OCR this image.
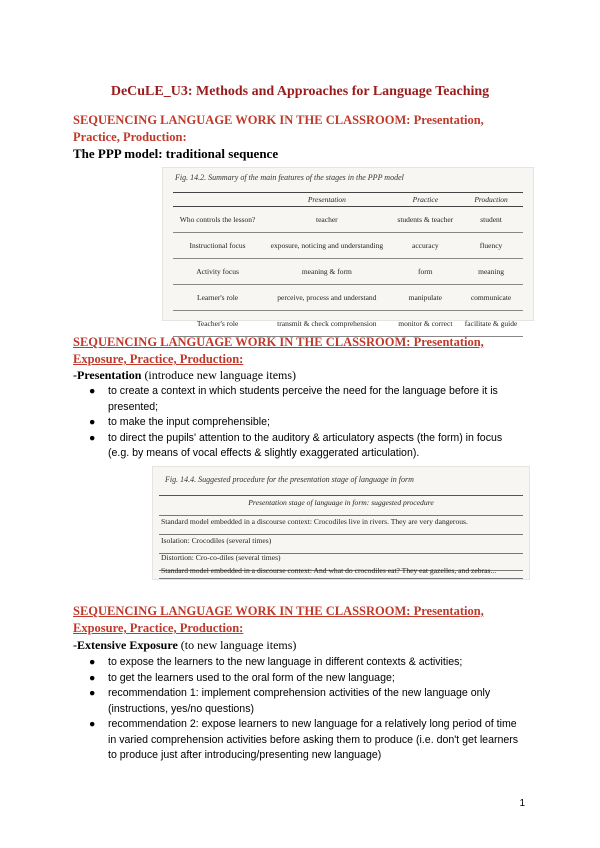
DeCuLE_U3: Methods and Approaches for Language Teaching
SEQUENCING LANGUAGE WORK IN THE CLASSROOM: Presentation, Practice, Production:
The PPP model: traditional sequence
Fig. 14.2. Summary of the main features of the stages in the PPP model
	Presentation	Practice	Production
Who controls the lesson?	teacher	students & teacher	student
Instructional focus	exposure, noticing and understanding	accuracy	fluency
Activity focus	meaning & form	form	meaning
Learner's role	perceive, process and understand	manipulate	communicate
Teacher's role	transmit & check comprehension	monitor & correct	facilitate & guide
SEQUENCING LANGUAGE WORK IN THE CLASSROOM: Presentation, Exposure, Practice, Production:
-Presentation (introduce new language items)
● to create a context in which students perceive the need for the language before it is presented;
● to make the input comprehensible;
● to direct the pupils' attention to the auditory & articulatory aspects (the form) in focus (e.g. by means of vocal effects & slightly exaggerated articulation).
Fig. 14.4. Suggested procedure for the presentation stage of language in form
Presentation stage of language in form: suggested procedure
Standard model embedded in a discourse context: Crocodiles live in rivers. They are very dangerous.
Isolation: Crocodiles (several times)
Distortion: Cro-co-diles (several times)
Standard model embedded in a discourse context: And what do crocodiles eat? They eat gazelles, and zebras...
SEQUENCING LANGUAGE WORK IN THE CLASSROOM: Presentation, Exposure, Practice, Production:
-Extensive Exposure (to new language items)
● to expose the learners to the new language in different contexts & activities;
● to get the learners used to the oral form of the new language;
● recommendation 1: implement comprehension activities of the new language only (instructions, yes/no questions)
● recommendation 2: expose learners to new language for a relatively long period of time in varied comprehension activities before asking them to produce (i.e. don't get learners to produce just after introducing/presenting new language)
1
